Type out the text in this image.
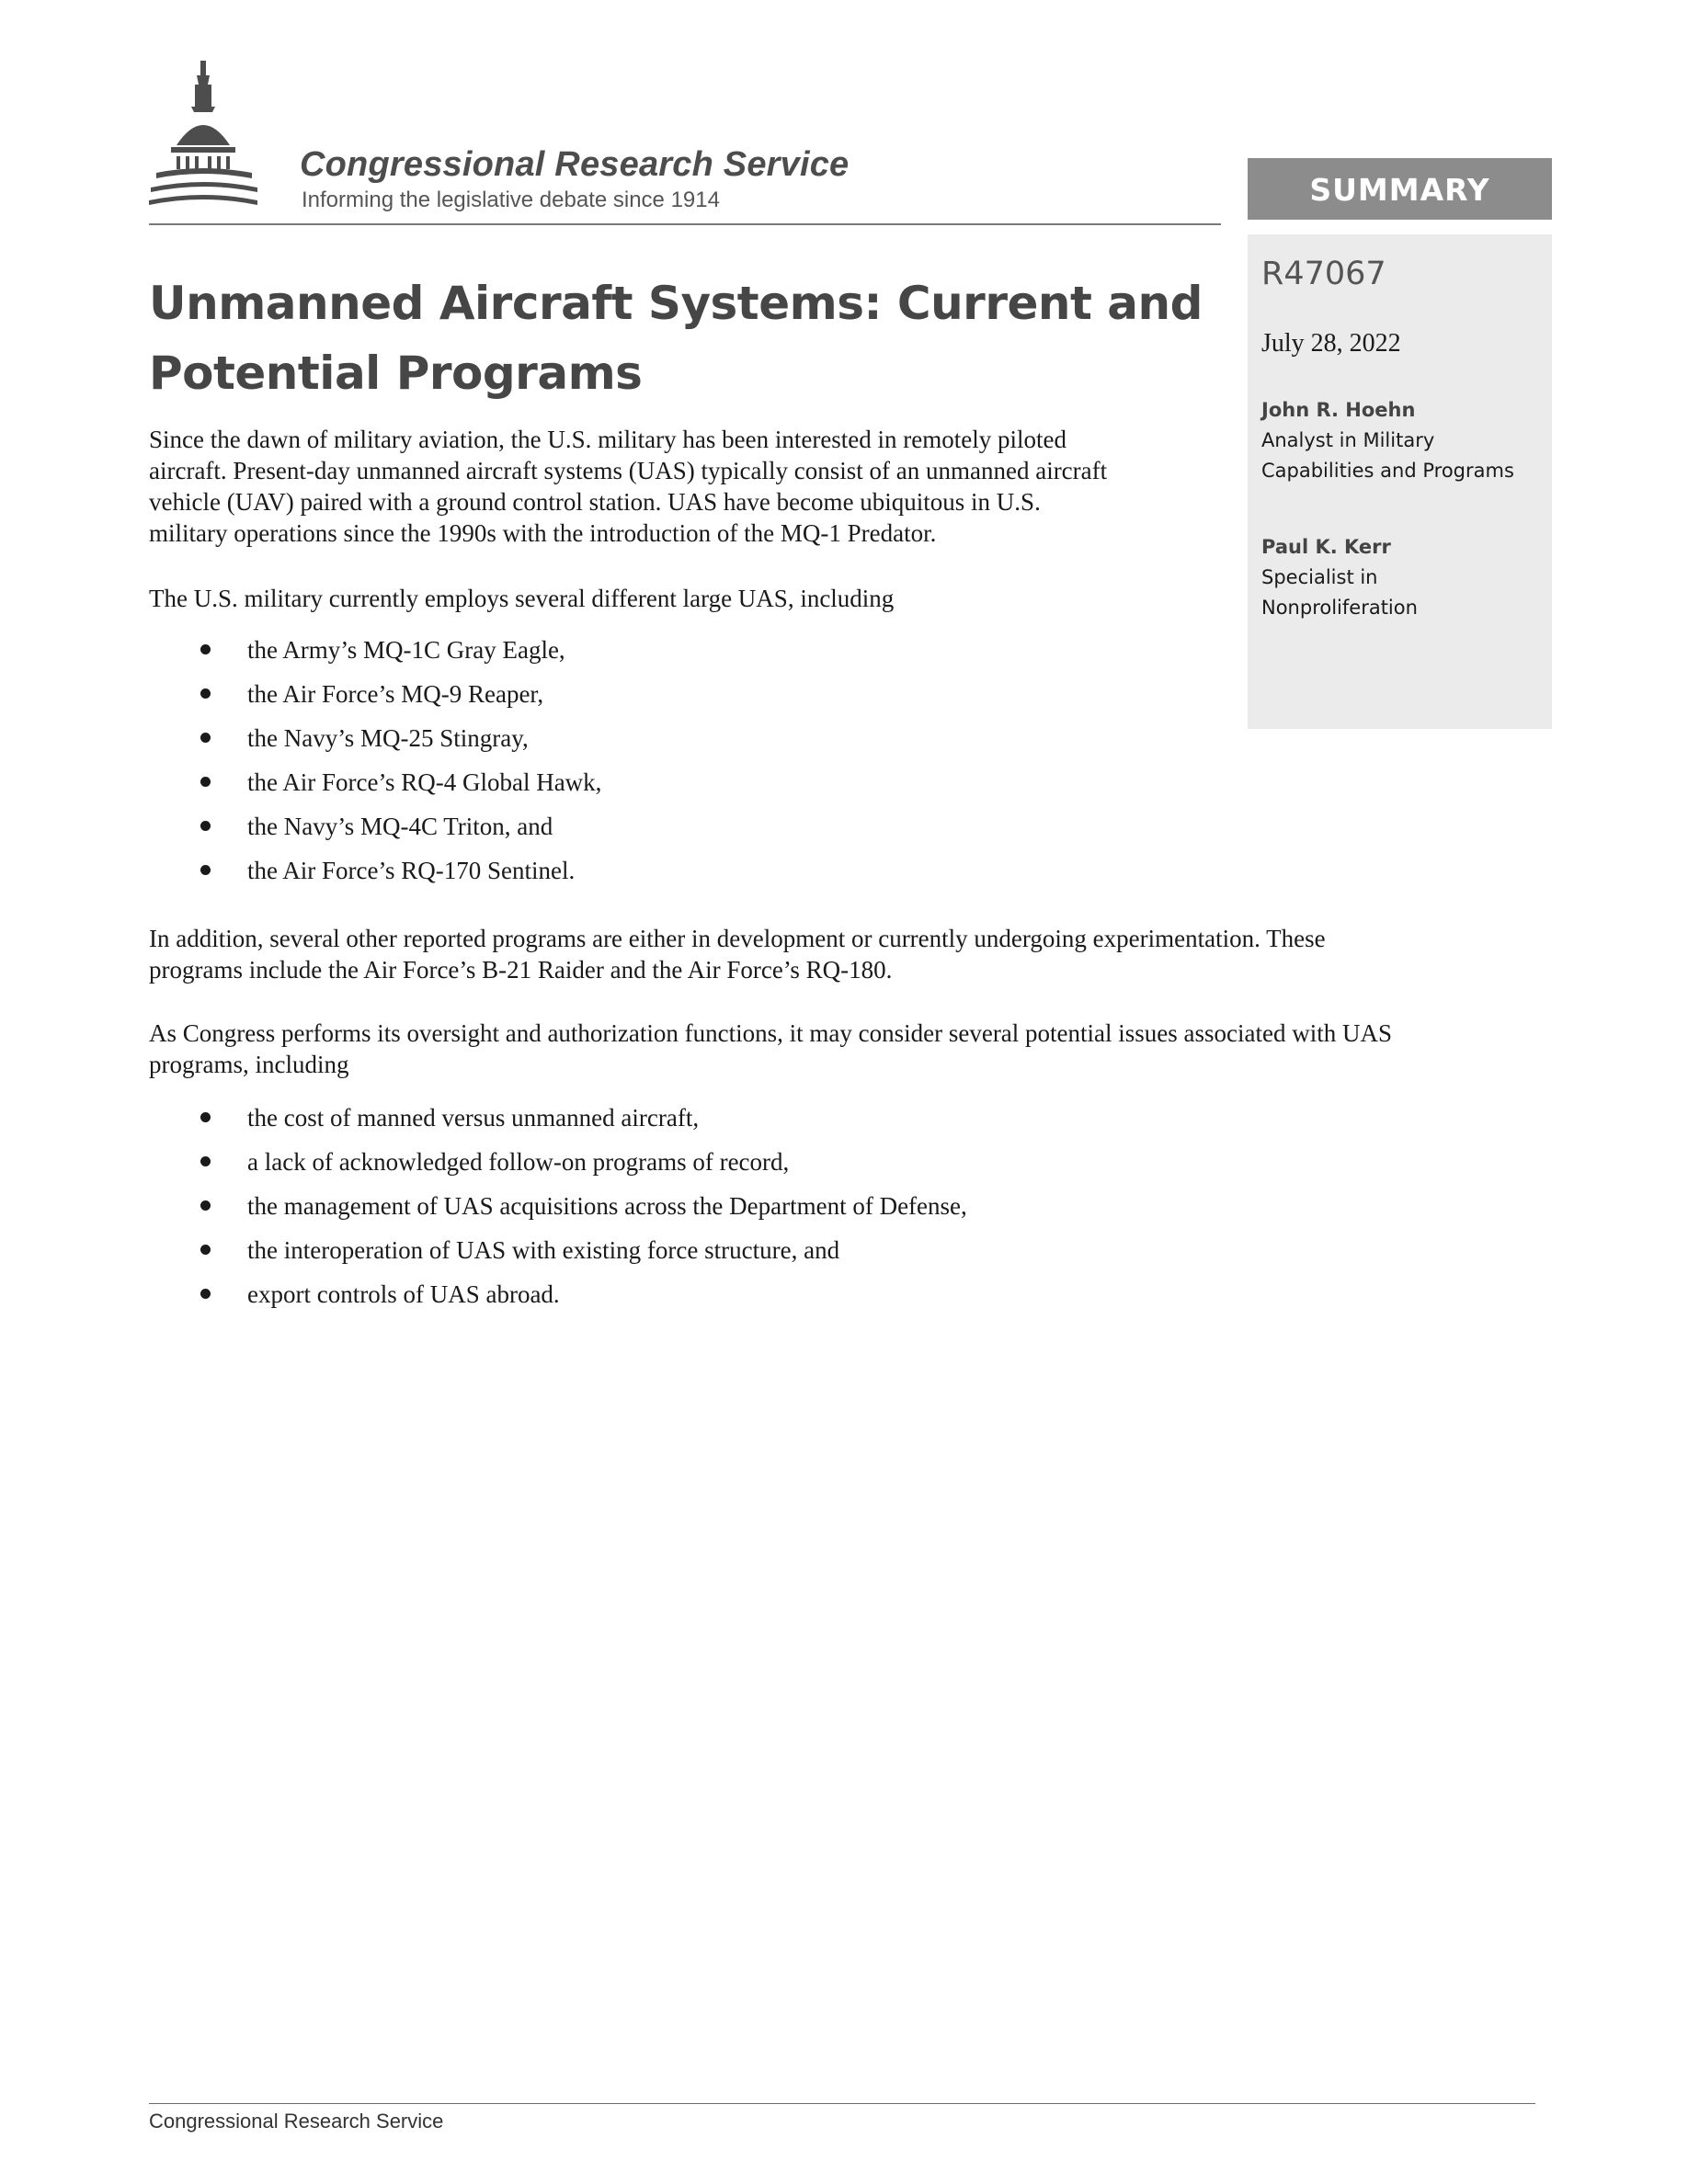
Congressional Research Service
Informing the legislative debate since 1914	SUMMARY
R47067
July 28, 2022
John R. Hoehn
Analyst in Military
Capabilities and Programs
Paul K. Kerr
Specialist in
Nonproliferation
Unmanned Aircraft Systems: Current and
Potential Programs
Since the dawn of military aviation, the U.S. military has been interested in remotely piloted
aircraft. Present-day unmanned aircraft systems (UAS) typically consist of an unmanned aircraft
vehicle (UAV) paired with a ground control station. UAS have become ubiquitous in U.S.
military operations since the 1990s with the introduction of the MQ-1 Predator.
The U.S. military currently employs several different large UAS, including
the Army’s MQ-1C Gray Eagle,
the Air Force’s MQ-9 Reaper,
the Navy’s MQ-25 Stingray,
the Air Force’s RQ-4 Global Hawk,
the Navy’s MQ-4C Triton, and
the Air Force’s RQ-170 Sentinel.
In addition, several other reported programs are either in development or currently undergoing experimentation. These
programs include the Air Force’s B-21 Raider and the Air Force’s RQ-180.
As Congress performs its oversight and authorization functions, it may consider several potential issues associated with UAS
programs, including
the cost of manned versus unmanned aircraft,
a lack of acknowledged follow-on programs of record,
the management of UAS acquisitions across the Department of Defense,
the interoperation of UAS with existing force structure, and
export controls of UAS abroad.
Congressional Research Service
